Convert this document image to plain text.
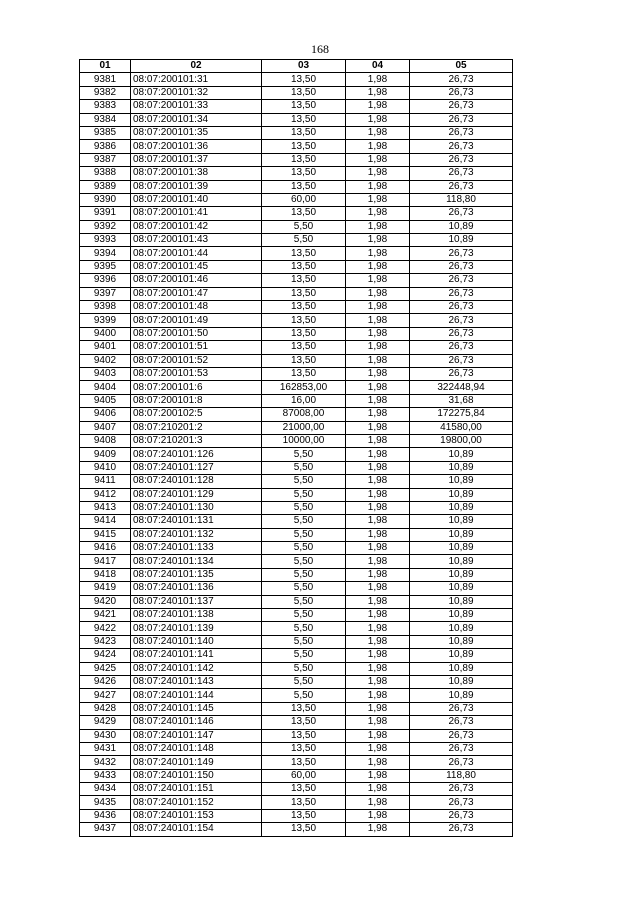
168
01	02	03	04	05
9381	08:07:200101:31	13,50	1,98	26,73
9382	08:07:200101:32	13,50	1,98	26,73
9383	08:07:200101:33	13,50	1,98	26,73
9384	08:07:200101:34	13,50	1,98	26,73
9385	08:07:200101:35	13,50	1,98	26,73
9386	08:07:200101:36	13,50	1,98	26,73
9387	08:07:200101:37	13,50	1,98	26,73
9388	08:07:200101:38	13,50	1,98	26,73
9389	08:07:200101:39	13,50	1,98	26,73
9390	08:07:200101:40	60,00	1,98	118,80
9391	08:07:200101:41	13,50	1,98	26,73
9392	08:07:200101:42	5,50	1,98	10,89
9393	08:07:200101:43	5,50	1,98	10,89
9394	08:07:200101:44	13,50	1,98	26,73
9395	08:07:200101:45	13,50	1,98	26,73
9396	08:07:200101:46	13,50	1,98	26,73
9397	08:07:200101:47	13,50	1,98	26,73
9398	08:07:200101:48	13,50	1,98	26,73
9399	08:07:200101:49	13,50	1,98	26,73
9400	08:07:200101:50	13,50	1,98	26,73
9401	08:07:200101:51	13,50	1,98	26,73
9402	08:07:200101:52	13,50	1,98	26,73
9403	08:07:200101:53	13,50	1,98	26,73
9404	08:07:200101:6	162853,00	1,98	322448,94
9405	08:07:200101:8	16,00	1,98	31,68
9406	08:07:200102:5	87008,00	1,98	172275,84
9407	08:07:210201:2	21000,00	1,98	41580,00
9408	08:07:210201:3	10000,00	1,98	19800,00
9409	08:07:240101:126	5,50	1,98	10,89
9410	08:07:240101:127	5,50	1,98	10,89
9411	08:07:240101:128	5,50	1,98	10,89
9412	08:07:240101:129	5,50	1,98	10,89
9413	08:07:240101:130	5,50	1,98	10,89
9414	08:07:240101:131	5,50	1,98	10,89
9415	08:07:240101:132	5,50	1,98	10,89
9416	08:07:240101:133	5,50	1,98	10,89
9417	08:07:240101:134	5,50	1,98	10,89
9418	08:07:240101:135	5,50	1,98	10,89
9419	08:07:240101:136	5,50	1,98	10,89
9420	08:07:240101:137	5,50	1,98	10,89
9421	08:07:240101:138	5,50	1,98	10,89
9422	08:07:240101:139	5,50	1,98	10,89
9423	08:07:240101:140	5,50	1,98	10,89
9424	08:07:240101:141	5,50	1,98	10,89
9425	08:07:240101:142	5,50	1,98	10,89
9426	08:07:240101:143	5,50	1,98	10,89
9427	08:07:240101:144	5,50	1,98	10,89
9428	08:07:240101:145	13,50	1,98	26,73
9429	08:07:240101:146	13,50	1,98	26,73
9430	08:07:240101:147	13,50	1,98	26,73
9431	08:07:240101:148	13,50	1,98	26,73
9432	08:07:240101:149	13,50	1,98	26,73
9433	08:07:240101:150	60,00	1,98	118,80
9434	08:07:240101:151	13,50	1,98	26,73
9435	08:07:240101:152	13,50	1,98	26,73
9436	08:07:240101:153	13,50	1,98	26,73
9437	08:07:240101:154	13,50	1,98	26,73
